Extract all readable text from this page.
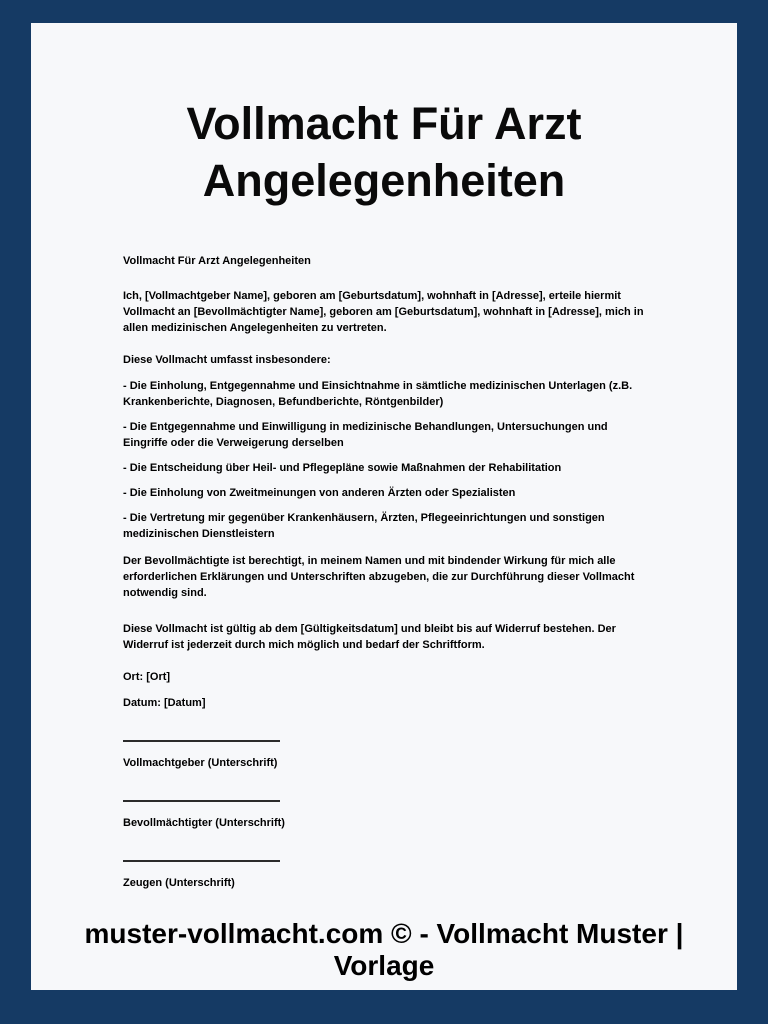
Vollmacht Für Arzt
Angelegenheiten

Vollmacht Für Arzt Angelegenheiten

Ich, [Vollmachtgeber Name], geboren am [Geburtsdatum], wohnhaft in [Adresse], erteile hiermit Vollmacht an [Bevollmächtigter Name], geboren am [Geburtsdatum], wohnhaft in [Adresse], mich in allen medizinischen Angelegenheiten zu vertreten.

Diese Vollmacht umfasst insbesondere:

- Die Einholung, Entgegennahme und Einsichtnahme in sämtliche medizinischen Unterlagen (z.B. Krankenberichte, Diagnosen, Befundberichte, Röntgenbilder)

- Die Entgegennahme und Einwilligung in medizinische Behandlungen, Untersuchungen und Eingriffe oder die Verweigerung derselben

- Die Entscheidung über Heil- und Pflegepläne sowie Maßnahmen der Rehabilitation

- Die Einholung von Zweitmeinungen von anderen Ärzten oder Spezialisten

- Die Vertretung mir gegenüber Krankenhäusern, Ärzten, Pflegeeinrichtungen und sonstigen medizinischen Dienstleistern

Der Bevollmächtigte ist berechtigt, in meinem Namen und mit bindender Wirkung für mich alle erforderlichen Erklärungen und Unterschriften abzugeben, die zur Durchführung dieser Vollmacht notwendig sind.

Diese Vollmacht ist gültig ab dem [Gültigkeitsdatum] und bleibt bis auf Widerruf bestehen. Der Widerruf ist jederzeit durch mich möglich und bedarf der Schriftform.

Ort: [Ort]

Datum: [Datum]

Vollmachtgeber (Unterschrift)

Bevollmächtigter (Unterschrift)

Zeugen (Unterschrift)

muster-vollmacht.com © - Vollmacht Muster | Vorlage
